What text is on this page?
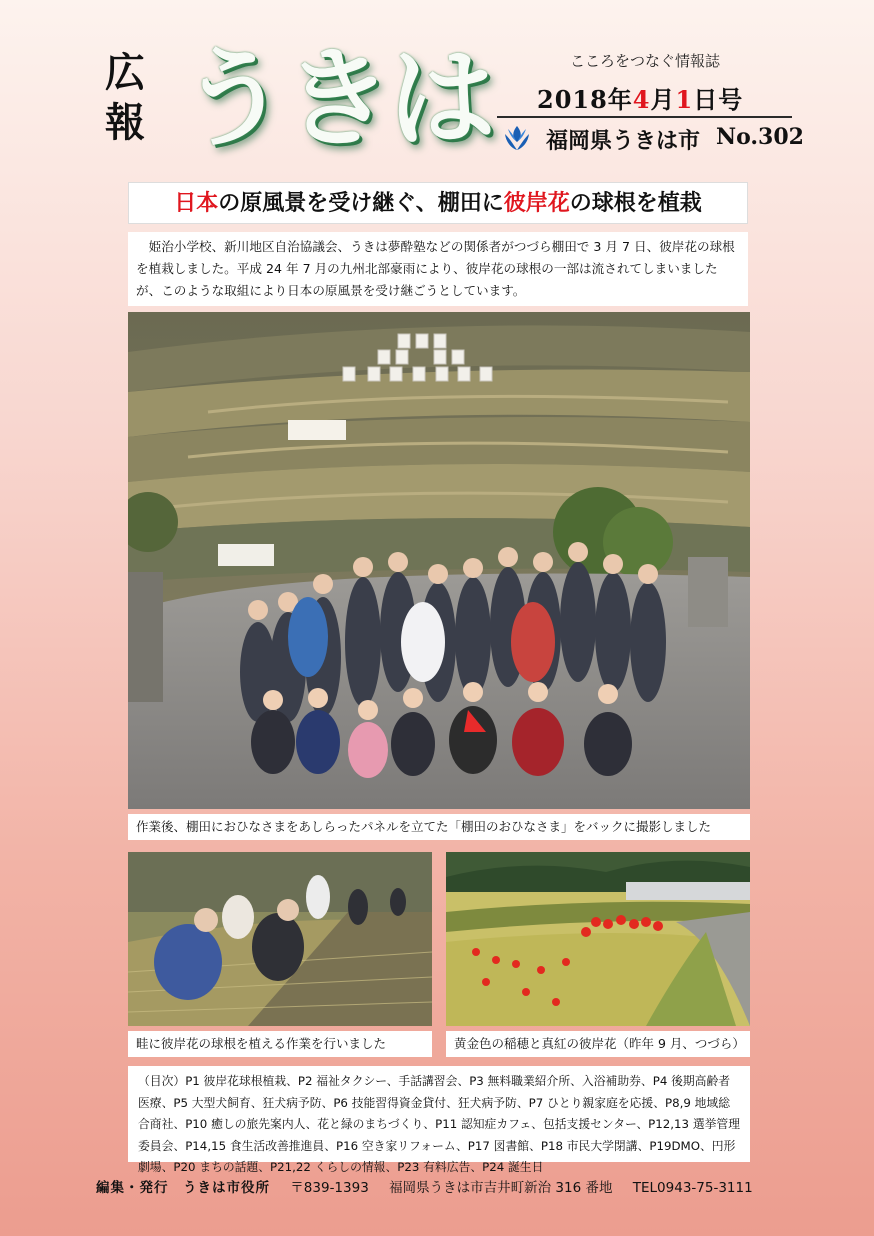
広報 うきは	こころをつなぐ情報誌
2018年4月1日号
福岡県うきは市 No.302
日本の原風景を受け継ぐ、棚田に彼岸花の球根を植栽
姫治小学校、新川地区自治協議会、うきは夢酔塾などの関係者がつづら棚田で 3 月 7 日、彼岸花の球根を植栽しました。平成 24 年 7 月の九州北部豪雨により、彼岸花の球根の一部は流されてしまいましたが、このような取組により日本の原風景を受け継ごうとしています。
作業後、棚田におひなさまをあしらったパネルを立てた「棚田のおひなさま」をバックに撮影しました
畦に彼岸花の球根を植える作業を行いました	黄金色の稲穂と真紅の彼岸花（昨年 9 月、つづら）
（目次）P1 彼岸花球根植栽、P2 福祉タクシー、手話講習会、P3 無料職業紹介所、入浴補助券、P4 後期高齢者医療、P5 大型犬飼育、狂犬病予防、P6 技能習得資金貸付、狂犬病予防、P7 ひとり親家庭を応援、P8,9 地域総合商社、P10 癒しの旅先案内人、花と緑のまちづくり、P11 認知症カフェ、包括支援センター、P12,13 選挙管理委員会、P14,15 食生活改善推進員、P16 空き家リフォーム、P17 図書館、P18 市民大学閉講、P19DMO、円形劇場、P20 まちの話題、P21,22 くらしの情報、P23 有料広告、P24 誕生日
編集・発行　うきは市役所 〒839-1393 福岡県うきは市吉井町新治 316 番地 TEL0943-75-3111
